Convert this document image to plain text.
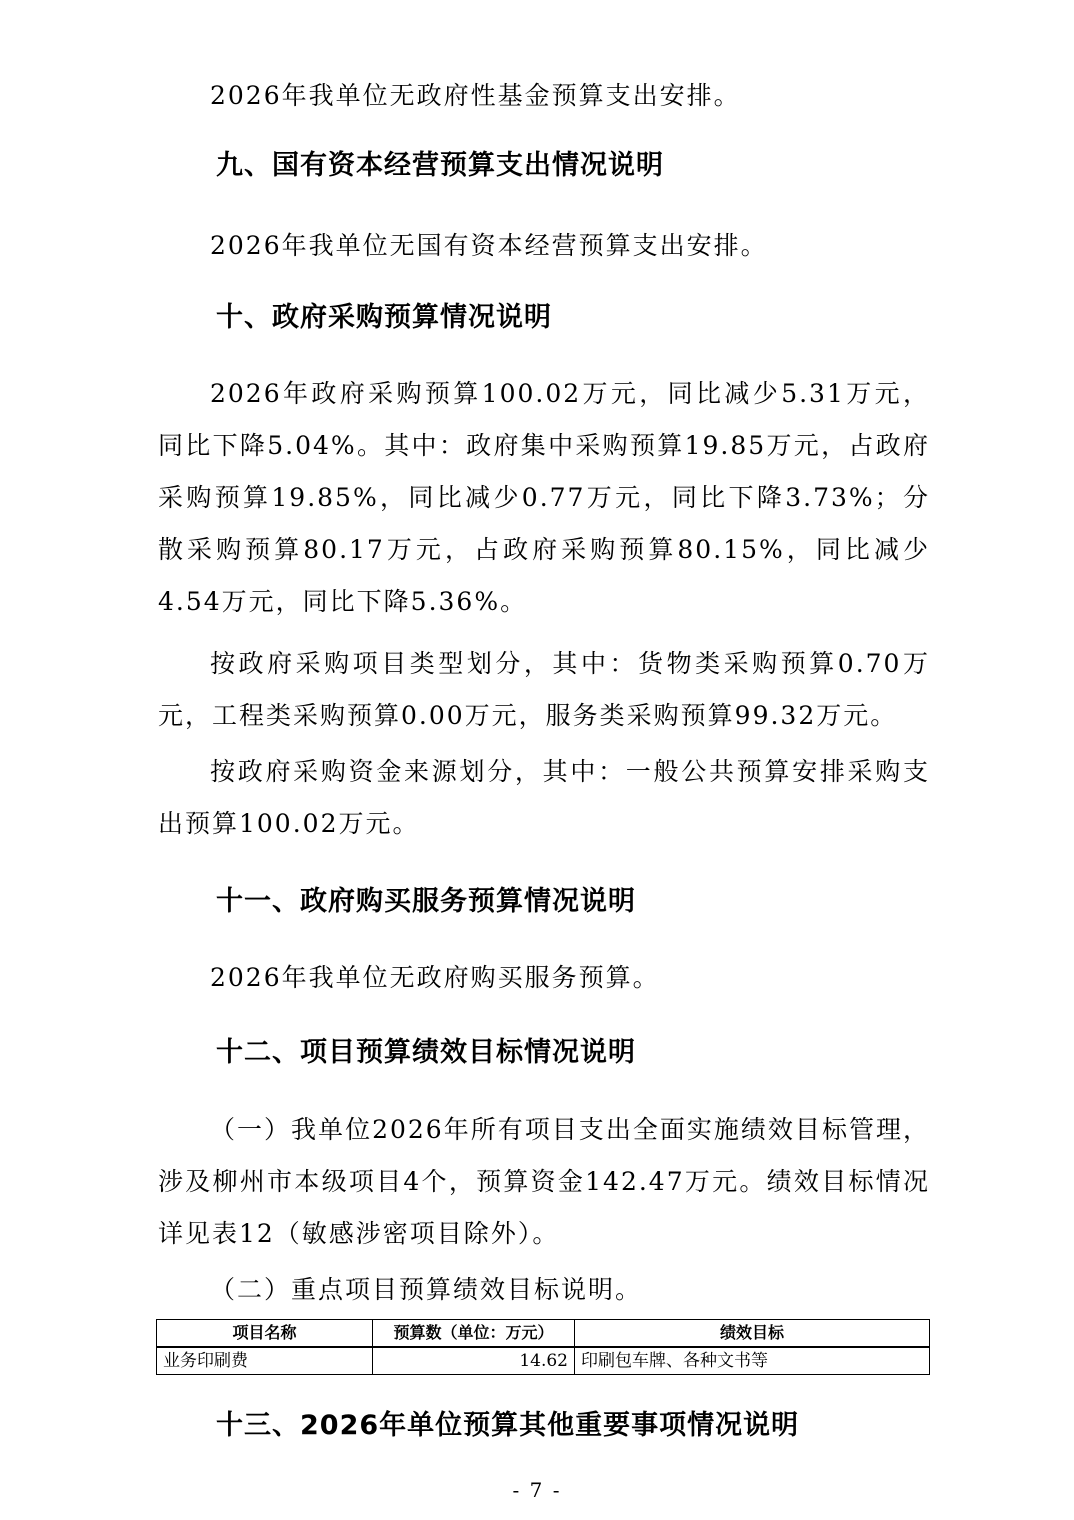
2026年我单位无政府性基金预算支出安排。

九、国有资本经营预算支出情况说明

2026年我单位无国有资本经营预算支出安排。

十、政府采购预算情况说明

2026年政府采购预算100.02万元，同比减少5.31万元，同比下降5.04%。其中：政府集中采购预算19.85万元，占政府采购预算19.85%，同比减少0.77万元，同比下降3.73%；分散采购预算80.17万元，占政府采购预算80.15%，同比减少4.54万元，同比下降5.36%。

按政府采购项目类型划分，其中：货物类采购预算0.70万元，工程类采购预算0.00万元，服务类采购预算99.32万元。

按政府采购资金来源划分，其中：一般公共预算安排采购支出预算100.02万元。

十一、政府购买服务预算情况说明

2026年我单位无政府购买服务预算。

十二、项目预算绩效目标情况说明

（一）我单位2026年所有项目支出全面实施绩效目标管理，涉及柳州市本级项目4个，预算资金142.47万元。绩效目标情况详见表12（敏感涉密项目除外）。

（二）重点项目预算绩效目标说明。

项目名称	预算数（单位：万元）	绩效目标
业务印刷费	14.62	印刷包车牌、各种文书等
十三、2026年单位预算其他重要事项情况说明
- 7 -
